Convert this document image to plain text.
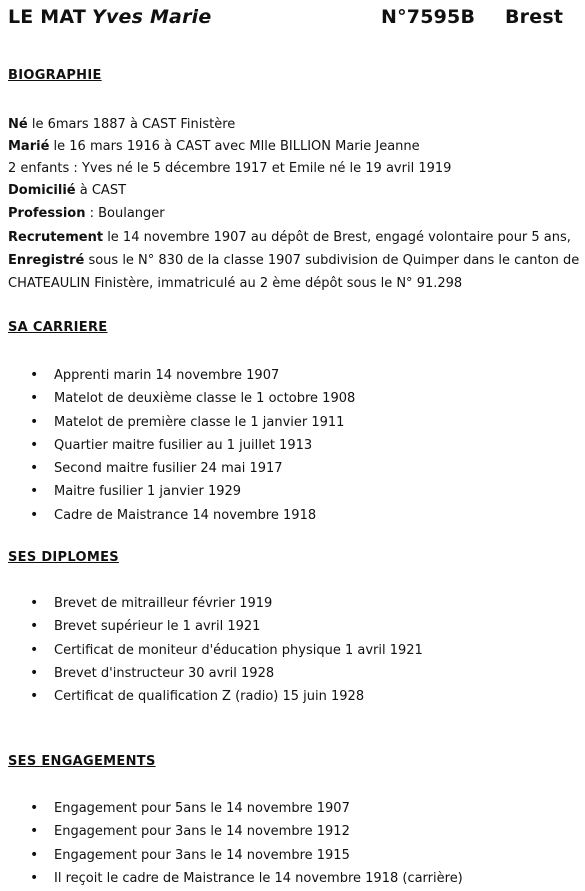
LE MAT Yves Marie	N°7595B Brest
BIOGRAPHIE
Né le 6mars 1887 à CAST Finistère
Marié le 16 mars 1916 à CAST avec Mlle BILLION Marie Jeanne
2 enfants : Yves né le 5 décembre 1917 et Emile né le 19 avril 1919
Domicilié à CAST
Profession : Boulanger
Recrutement le 14 novembre 1907 au dépôt de Brest, engagé volontaire pour 5 ans,
Enregistré sous le N° 830 de la classe 1907 subdivision de Quimper dans le canton de
CHATEAULIN Finistère, immatriculé au 2 ème dépôt sous le N° 91.298
SA CARRIERE
• Apprenti marin 14 novembre 1907
• Matelot de deuxième classe le 1 octobre 1908
• Matelot de première classe le 1 janvier 1911
• Quartier maitre fusilier au 1 juillet 1913
• Second maitre fusilier 24 mai 1917
• Maitre fusilier 1 janvier 1929
• Cadre de Maistrance 14 novembre 1918
SES DIPLOMES
• Brevet de mitrailleur février 1919
• Brevet supérieur le 1 avril 1921
• Certificat de moniteur d'éducation physique 1 avril 1921
• Brevet d'instructeur 30 avril 1928
• Certificat de qualification Z (radio) 15 juin 1928
SES ENGAGEMENTS
• Engagement pour 5ans le 14 novembre 1907
• Engagement pour 3ans le 14 novembre 1912
• Engagement pour 3ans le 14 novembre 1915
• Il reçoit le cadre de Maistrance le 14 novembre 1918 (carrière)
